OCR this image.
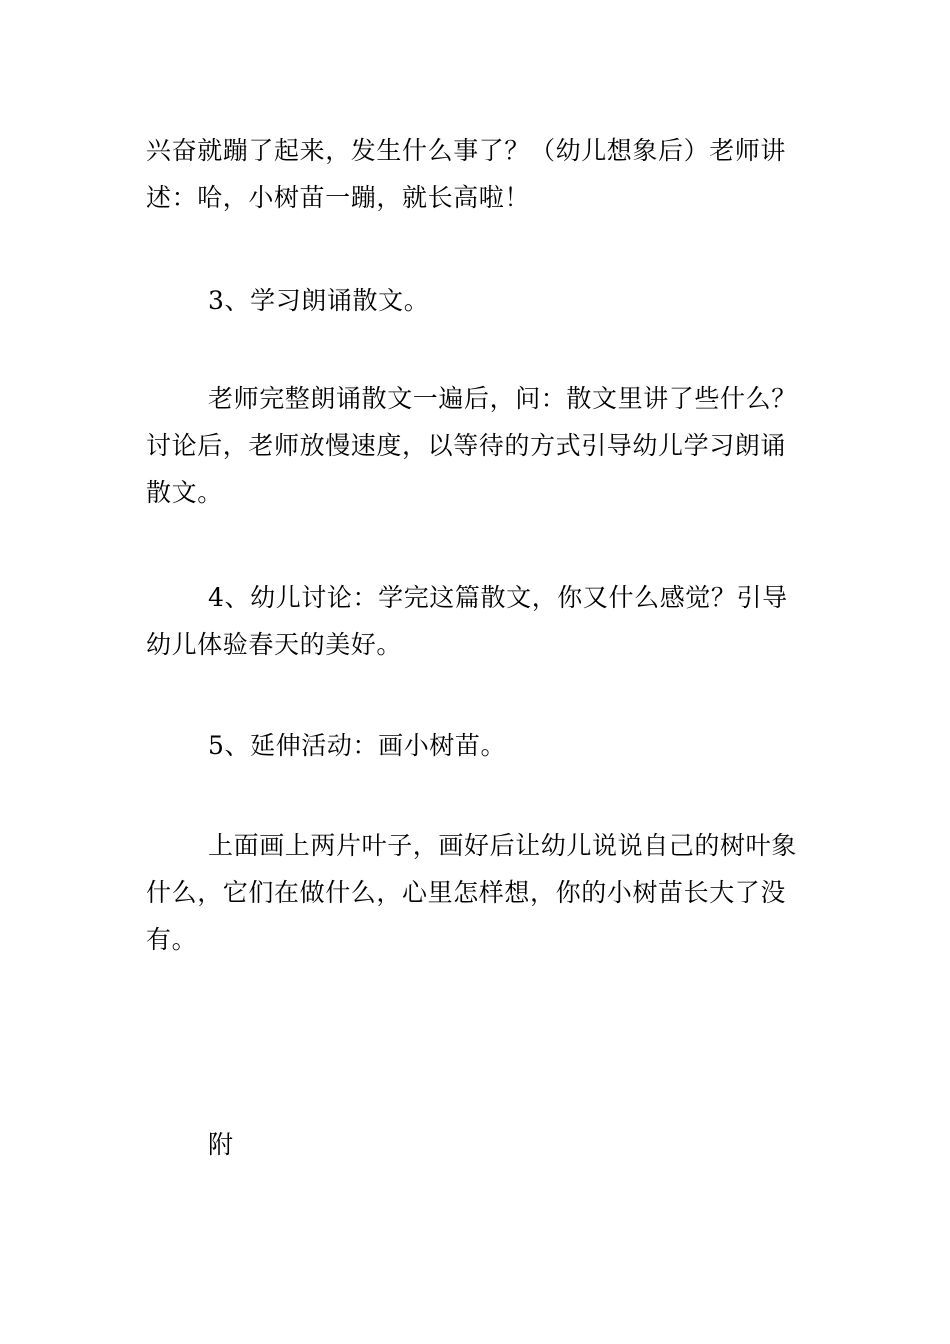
兴奋就蹦了起来，发生什么事了？（幼儿想象后）老师讲述：哈，小树苗一蹦，就长高啦！

3、学习朗诵散文。

老师完整朗诵散文一遍后，问：散文里讲了些什么？讨论后，老师放慢速度，以等待的方式引导幼儿学习朗诵散文。

4、幼儿讨论：学完这篇散文，你又什么感觉？引导幼儿体验春天的美好。

5、延伸活动：画小树苗。

上面画上两片叶子，画好后让幼儿说说自己的树叶象什么，它们在做什么，心里怎样想，你的小树苗长大了没有。

附
